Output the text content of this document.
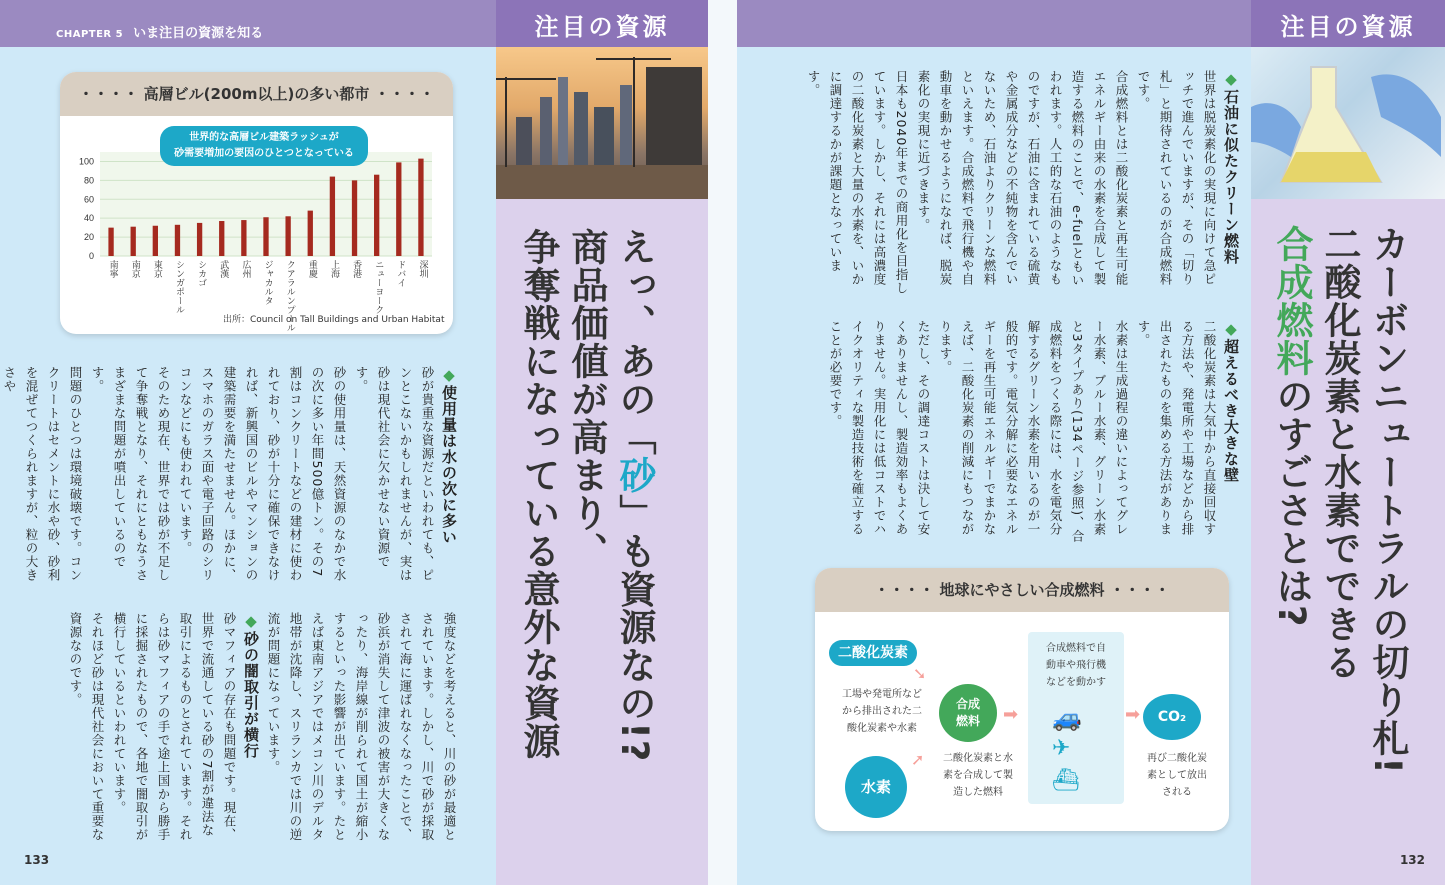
CHAPTER 5 いま注目の資源を知る	注目の資源
えっ、あの「砂」も資源なの!?
商品価値が高まり、
争奪戦になっている意外な資源
・・・・ 高層ビル(200m以上)の多い都市 ・・・・
0
20
40
60
80
100
世界的な高層ビル建築ラッシュが
砂需要増加の要因のひとつとなっている
出所：Council on Tall Buildings and Urban Habitat
南寧 南京 東京 シンガポール シカゴ 武漢 広州 ジャカルタ クアラルンプール 重慶 上海 香港 ニューヨーク ドバイ 深圳

◆使用量は水の次に多い

砂が貴重な資源だといわれても、ピンとこないかもしれませんが、実は砂は現代社会に欠かせない資源です。

砂の使用量は、天然資源のなかで水の次に多い年間500億トン。その7割はコンクリートなどの建材に使われており、砂が十分に確保できなければ、新興国のビルやマンションの建築需要を満たせません。ほかに、スマホのガラス面や電子回路のシリコンなどにも使われています。

そのため現在、世界では砂が不足して争奪戦となり、それにともなうさまざまな問題が噴出しているのです。

問題のひとつは環境破壊です。コンクリートはセメントに水や砂、砂利を混ぜてつくられますが、粒の大きさや

強度などを考えると、川の砂が最適とされています。しかし、川で砂が採取されて海に運ばれなくなったことで、砂浜が消失して津波の被害が大きくなったり、海岸線が削られて国土が縮小するといった影響が出ています。たとえば東南アジアではメコン川のデルタ地帯が沈降し、スリランカでは川の逆流が問題になっています。

◆砂の闇取引が横行

砂マフィアの存在も問題です。現在、世界で流通している砂の7割が違法な取引によるものとされています。それらは砂マフィアの手で途上国から勝手に採掘されたもので、各地で闇取引が横行しているといわれています。

それほど砂は現代社会において重要な資源なのです。

133
注目の資源
カーボンニュートラルの切り札!
二酸化炭素と水素でできる
合成燃料のすごさとは?

◆石油に似たクリーン燃料

世界は脱炭素化の実現に向けて急ピッチで進んでいますが、その「切り札」と期待されているのが合成燃料です。

合成燃料とは二酸化炭素と再生可能エネルギー由来の水素を合成して製造する燃料のことで、e-fuelともいわれます。人工的な石油のようなものですが、石油に含まれている硫黄や金属成分などの不純物を含んでいないため、石油よりクリーンな燃料といえます。合成燃料で飛行機や自動車を動かせるようになれば、脱炭素化の実現に近づきます。

日本も2040年までの商用化を目指しています。しかし、それには高濃度の二酸化炭素と大量の水素を、いかに調達するかが課題となっています。

◆超えるべき大きな壁

二酸化炭素は大気中から直接回収する方法や、発電所や工場などから排出されたものを集める方法があります。

水素は生成過程の違いによってグレー水素、ブルー水素、グリーン水素と3タイプあり(134ページ参照)、合成燃料をつくる際には、水を電気分解するグリーン水素を用いるのが一般的です。電気分解に必要なエネルギーを再生可能エネルギーでまかなえば、二酸化炭素の削減にもつながります。

ただし、その調達コストは決して安くありませんし、製造効率もよくありません。実用化には低コストでハイクオリティな製造技術を確立することが必要です。

・・・・ 地球にやさしい合成燃料 ・・・・
二酸化炭素
工場や発電所など
から排出された二
酸化炭素や水素
水素
合成
燃料
二酸化炭素と水
素を合成して製
造した燃料
合成燃料で自
動車や飛行機
などを動かす
🚙
✈
⛴
CO₂
再び二酸化炭
素として放出
される
➘
➚
➡	➡
132
